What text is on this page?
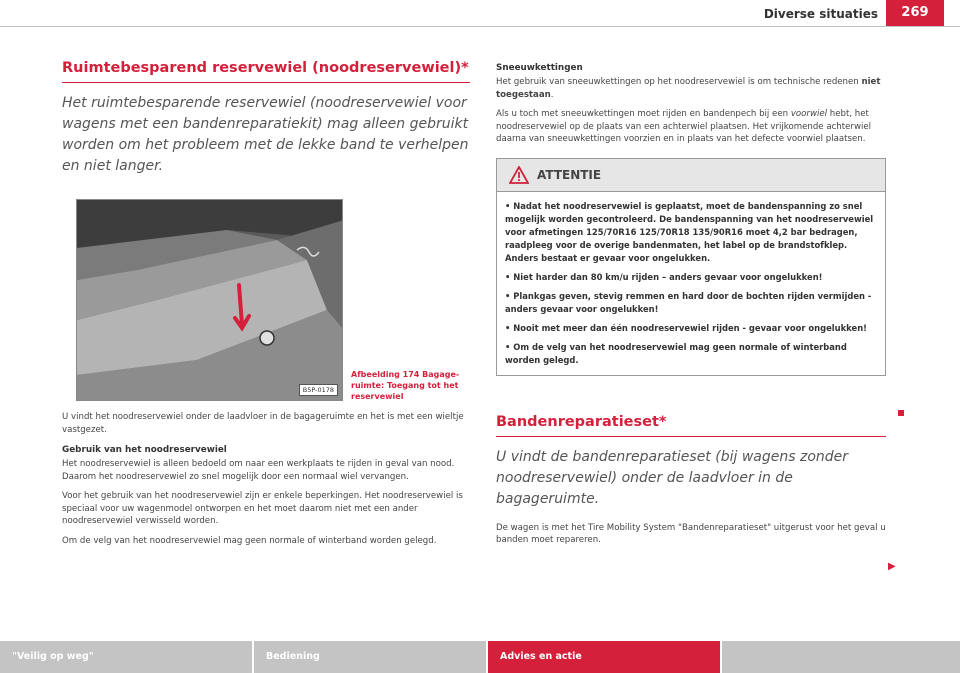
Diverse situaties	269
Ruimtebesparend reservewiel (noodreservewiel)*
Het ruimtebesparende reservewiel (noodreservewiel voor wagens met een bandenreparatiekit) mag alleen gebruikt worden om het probleem met de lekke band te verhelpen en niet langer.
B5P-0178
Afbeelding 174 Bagage-ruimte: Toegang tot het reservewiel

U vindt het noodreservewiel onder de laadvloer in de bagageruimte en het is met een wieltje vastgezet.

Gebruik van het noodreservewiel

Het noodreservewiel is alleen bedoeld om naar een werkplaats te rijden in geval van nood. Daarom het noodreservewiel zo snel mogelijk door een normaal wiel vervangen.

Voor het gebruik van het noodreservewiel zijn er enkele beperkingen. Het noodreservewiel is speciaal voor uw wagenmodel ontworpen en het moet daarom niet met een ander noodreservewiel verwisseld worden.

Om de velg van het noodreservewiel mag geen normale of winterband worden gelegd.

Sneeuwkettingen

Het gebruik van sneeuwkettingen op het noodreservewiel is om technische redenen niet toegestaan.

Als u toch met sneeuwkettingen moet rijden en bandenpech bij een voorwiel hebt, het noodreservewiel op de plaats van een achterwiel plaatsen. Het vrijkomende achterwiel daarna van sneeuwkettingen voorzien en in plaats van het defecte voorwiel plaatsen.

ATTENTIE
• Nadat het noodreservewiel is geplaatst, moet de bandenspanning zo snel mogelijk worden gecontroleerd. De bandenspanning van het noodreservewiel voor afmetingen 125/70R16 125/70R18 135/90R16 moet 4,2 bar bedragen, raadpleeg voor de overige bandenmaten, het label op de brandstofklep. Anders bestaat er gevaar voor ongelukken.
• Niet harder dan 80 km/u rijden – anders gevaar voor ongelukken!
• Plankgas geven, stevig remmen en hard door de bochten rijden vermijden - anders gevaar voor ongelukken!
• Nooit met meer dan één noodreservewiel rijden - gevaar voor ongelukken!
• Om de velg van het noodreservewiel mag geen normale of winterband worden gelegd.
Bandenreparatieset*
U vindt de bandenreparatieset (bij wagens zonder noodreservewiel) onder de laadvloer in de bagageruimte.

De wagen is met het Tire Mobility System "Bandenreparatieset" uitgerust voor het geval u banden moet repareren.

▶
"Veilig op weg"	Bediening	Advies en actie
